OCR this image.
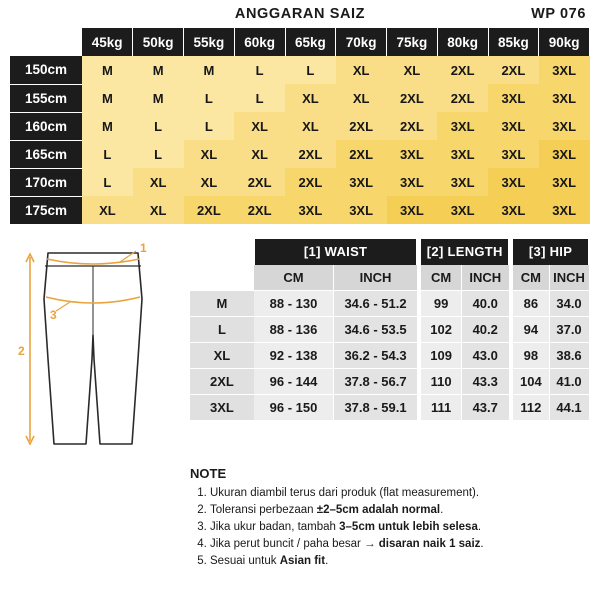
ANGGARAN SAIZ	WP 076
	45kg	50kg	55kg	60kg	65kg	70kg	75kg	80kg	85kg	90kg
150cm	M	M	M	L	L	XL	XL	2XL	2XL	3XL
155cm	M	M	L	L	XL	XL	2XL	2XL	3XL	3XL
160cm	M	L	L	XL	XL	2XL	2XL	3XL	3XL	3XL
165cm	L	L	XL	XL	2XL	2XL	3XL	3XL	3XL	3XL
170cm	L	XL	XL	2XL	2XL	3XL	3XL	3XL	3XL	3XL
175cm	XL	XL	2XL	2XL	3XL	3XL	3XL	3XL	3XL	3XL
1
2
3
	[1] WAIST			[2] LENGTH			[3] HIP	
	CM	INCH		CM	INCH		CM	INCH
M	88 - 130	34.6 - 51.2		99	40.0		86	34.0
L	88 - 136	34.6 - 53.5		102	40.2		94	37.0
XL	92 - 138	36.2 - 54.3		109	43.0		98	38.6
2XL	96 - 144	37.8 - 56.7		110	43.3		104	41.0
3XL	96 - 150	37.8 - 59.1		111	43.7		112	44.1
NOTE
1. Ukuran diambil terus dari produk (flat measurement).
2. Toleransi perbezaan ±2–5cm adalah normal.
3. Jika ukur badan, tambah 3–5cm untuk lebih selesa.
4. Jika perut buncit / paha besar → disaran naik 1 saiz.
5. Sesuai untuk Asian fit.
